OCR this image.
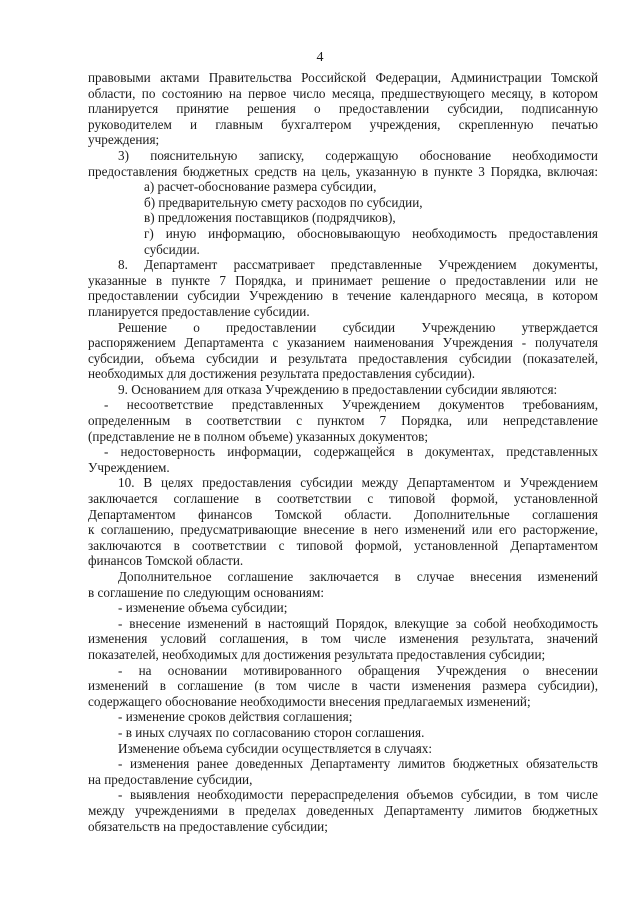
4
правовыми актами Правительства Российской Федерации, Администрации Томской
области, по состоянию на первое число месяца, предшествующего месяцу, в котором
планируется принятие решения о предоставлении субсидии, подписанную
руководителем и главным бухгалтером учреждения, скрепленную печатью
учреждения;
3) пояснительную записку, содержащую обоснование необходимости
предоставления бюджетных средств на цель, указанную в пункте 3 Порядка, включая:
а) расчет-обоснование размера субсидии,
б) предварительную смету расходов по субсидии,
в) предложения поставщиков (подрядчиков),
г) иную информацию, обосновывающую необходимость предоставления
субсидии.
8. Департамент рассматривает представленные Учреждением документы,
указанные в пункте 7 Порядка, и принимает решение о предоставлении или не
предоставлении субсидии Учреждению в течение календарного месяца, в котором
планируется предоставление субсидии.
Решение о предоставлении субсидии Учреждению утверждается
распоряжением Департамента с указанием наименования Учреждения - получателя
субсидии, объема субсидии и результата предоставления субсидии (показателей,
необходимых для достижения результата предоставления субсидии).
9. Основанием для отказа Учреждению в предоставлении субсидии являются:
- несоответствие представленных Учреждением документов требованиям,
определенным в соответствии с пунктом 7 Порядка, или непредставление
(представление не в полном объеме) указанных документов;
- недостоверность информации, содержащейся в документах, представленных
Учреждением.
10. В целях предоставления субсидии между Департаментом и Учреждением
заключается соглашение в соответствии с типовой формой, установленной
Департаментом финансов Томской области. Дополнительные соглашения
к соглашению, предусматривающие внесение в него изменений или его расторжение,
заключаются в соответствии с типовой формой, установленной Департаментом
финансов Томской области.
Дополнительное соглашение заключается в случае внесения изменений
в соглашение по следующим основаниям:
- изменение объема субсидии;
- внесение изменений в настоящий Порядок, влекущие за собой необходимость
изменения условий соглашения, в том числе изменения результата, значений
показателей, необходимых для достижения результата предоставления субсидии;
- на основании мотивированного обращения Учреждения о внесении
изменений в соглашение (в том числе в части изменения размера субсидии),
содержащего обоснование необходимости внесения предлагаемых изменений;
- изменение сроков действия соглашения;
- в иных случаях по согласованию сторон соглашения.
Изменение объема субсидии осуществляется в случаях:
- изменения ранее доведенных Департаменту лимитов бюджетных обязательств
на предоставление субсидии,
- выявления необходимости перераспределения объемов субсидии, в том числе
между учреждениями в пределах доведенных Департаменту лимитов бюджетных
обязательств на предоставление субсидии;
